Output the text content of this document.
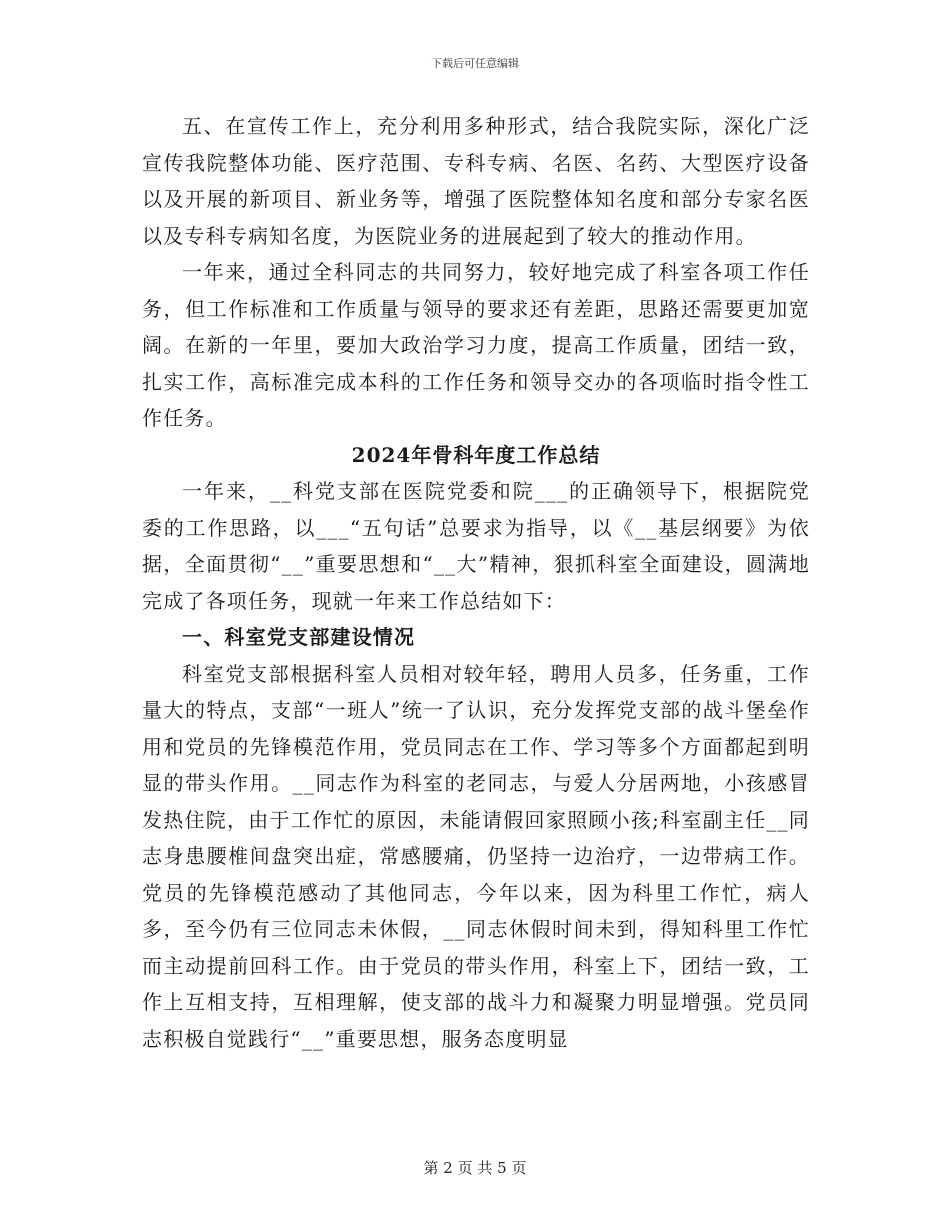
下载后可任意编辑

五、在宣传工作上，充分利用多种形式，结合我院实际，深化广泛宣传我院整体功能、医疗范围、专科专病、名医、名药、大型医疗设备以及开展的新项目、新业务等，增强了医院整体知名度和部分专家名医以及专科专病知名度，为医院业务的进展起到了较大的推动作用。

一年来，通过全科同志的共同努力，较好地完成了科室各项工作任务，但工作标准和工作质量与领导的要求还有差距，思路还需要更加宽阔。在新的一年里，要加大政治学习力度，提高工作质量，团结一致，扎实工作，高标准完成本科的工作任务和领导交办的各项临时指令性工作任务。

2024年骨科年度工作总结

一年来，__科党支部在医院党委和院___的正确领导下，根据院党委的工作思路，以___“五句话”总要求为指导，以《__基层纲要》为依据，全面贯彻“__”重要思想和“__大”精神，狠抓科室全面建设，圆满地完成了各项任务，现就一年来工作总结如下：

一、科室党支部建设情况

科室党支部根据科室人员相对较年轻，聘用人员多，任务重，工作量大的特点，支部“一班人”统一了认识，充分发挥党支部的战斗堡垒作用和党员的先锋模范作用，党员同志在工作、学习等多个方面都起到明显的带头作用。__同志作为科室的老同志，与爱人分居两地，小孩感冒发热住院，由于工作忙的原因，未能请假回家照顾小孩;科室副主任__同志身患腰椎间盘突出症，常感腰痛，仍坚持一边治疗，一边带病工作。党员的先锋模范感动了其他同志，今年以来，因为科里工作忙，病人多，至今仍有三位同志未休假，__同志休假时间未到，得知科里工作忙而主动提前回科工作。由于党员的带头作用，科室上下，团结一致，工作上互相支持，互相理解，使支部的战斗力和凝聚力明显增强。党员同志积极自觉践行“__”重要思想，服务态度明显

第 2 页 共 5 页
